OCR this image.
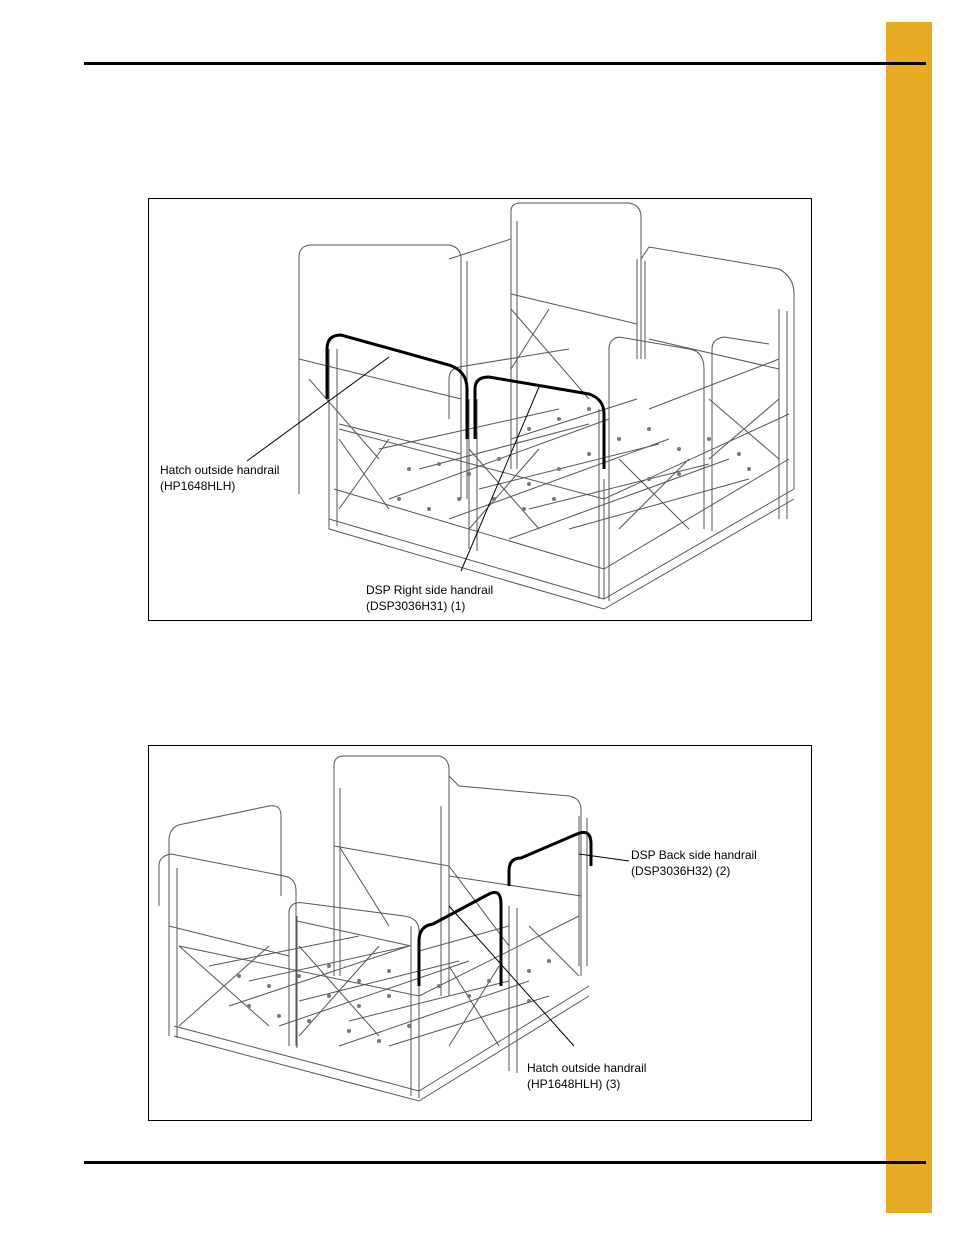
Hatch outside handrail
(HP1648HLH)
DSP Right side handrail
(DSP3036H31) (1)
DSP Back side handrail
(DSP3036H32) (2)
Hatch outside handrail
(HP1648HLH) (3)
